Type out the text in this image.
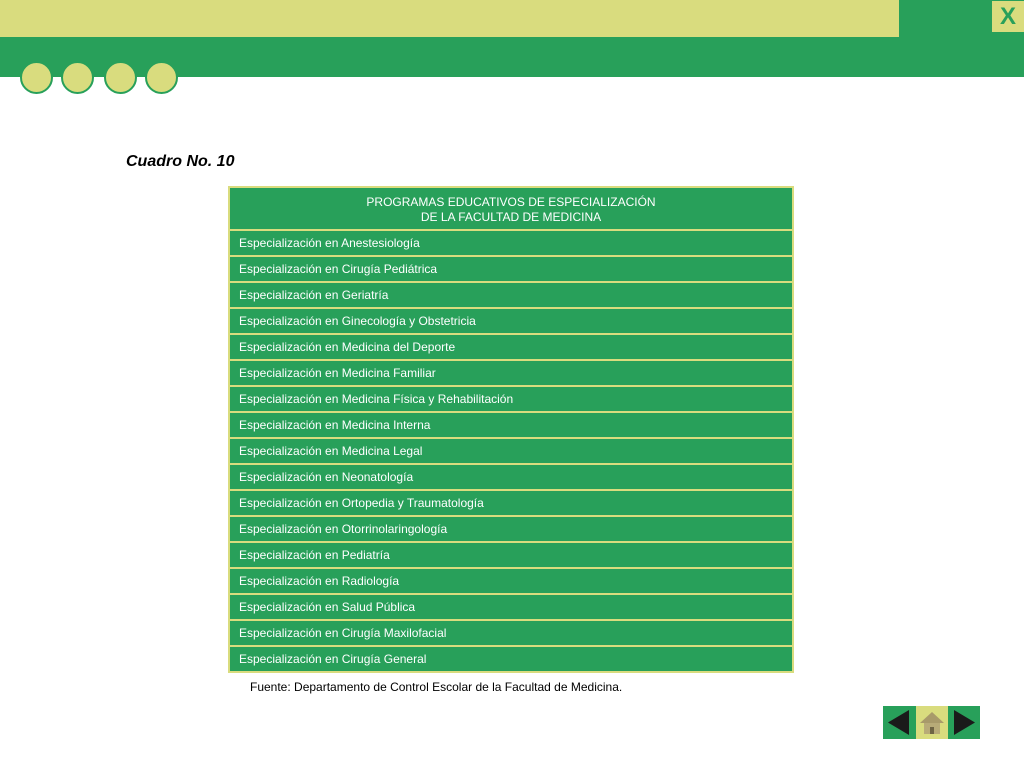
X
Cuadro No. 10
PROGRAMAS EDUCATIVOS DE ESPECIALIZACIÓN
DE LA FACULTAD DE MEDICINA
Especialización en Anestesiología
Especialización en Cirugía Pediátrica
Especialización en Geriatría
Especialización en Ginecología y Obstetricia
Especialización en Medicina del Deporte
Especialización en Medicina Familiar
Especialización en Medicina Física y Rehabilitación
Especialización en Medicina Interna
Especialización en Medicina Legal
Especialización en Neonatología
Especialización en Ortopedia y Traumatología
Especialización en Otorrinolaringología
Especialización en Pediatría
Especialización en Radiología
Especialización en Salud Pública
Especialización en Cirugía Maxilofacial
Especialización en Cirugía General
Fuente: Departamento de Control Escolar de la Facultad de Medicina.
